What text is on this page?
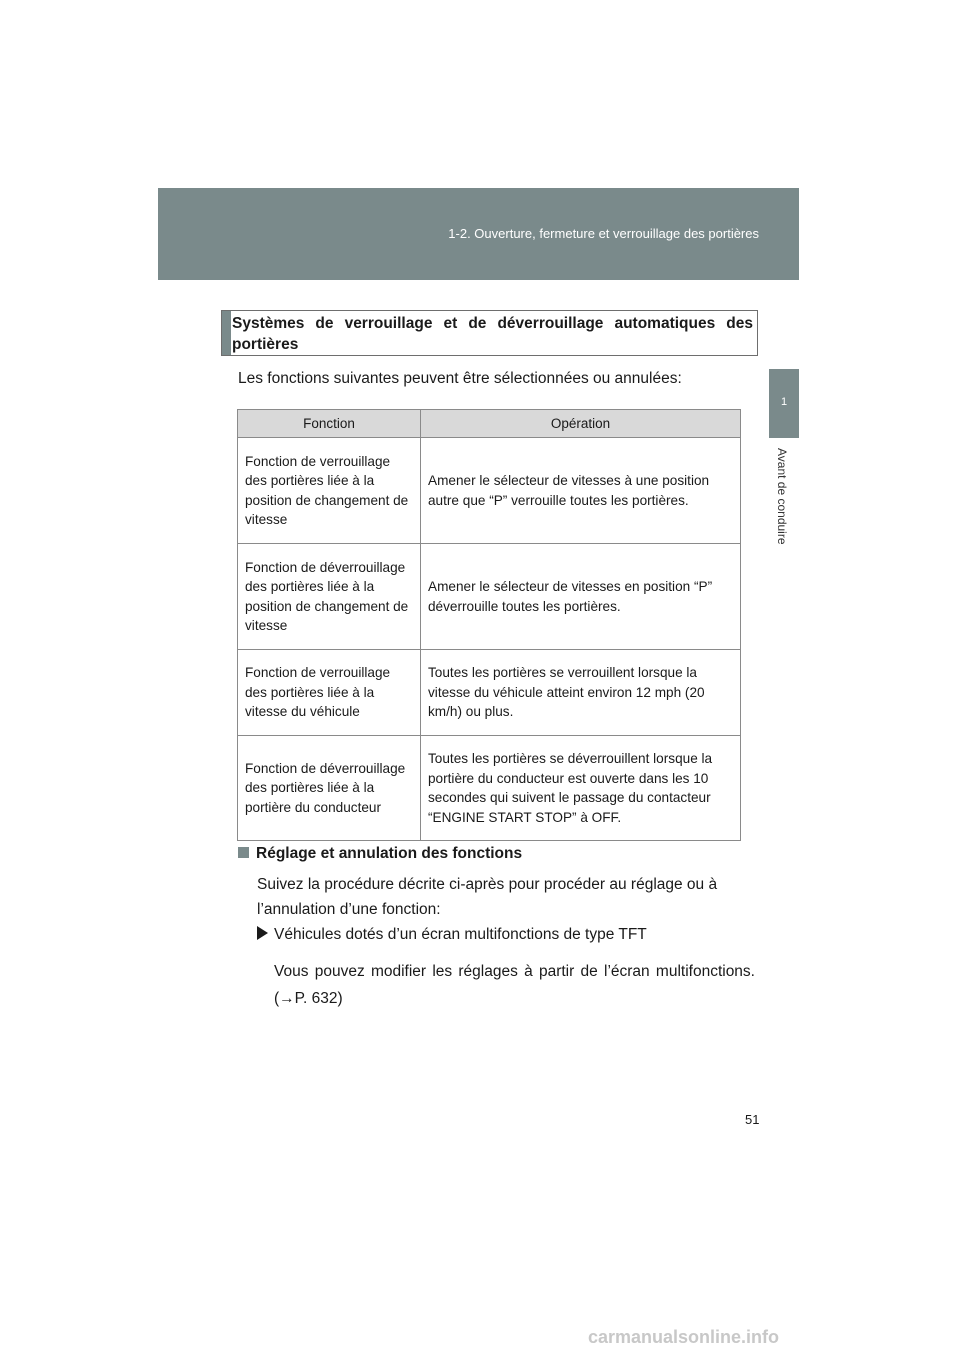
1-2. Ouverture, fermeture et verrouillage des portières
1
Avant de conduire
Systèmes de verrouillage et de déverrouillage automatiques des portières
Les fonctions suivantes peuvent être sélectionnées ou annulées:
Fonction	Opération
Fonction de verrouillage des portières liée à la position de changement de vitesse	Amener le sélecteur de vitesses à une position autre que “P” verrouille toutes les portières.
Fonction de déverrouillage des portières liée à la position de changement de vitesse	Amener le sélecteur de vitesses en position “P” déverrouille toutes les portières.
Fonction de verrouillage des portières liée à la vitesse du véhicule	Toutes les portières se verrouillent lorsque la vitesse du véhicule atteint environ 12 mph (20 km/h) ou plus.
Fonction de déverrouillage des portières liée à la portière du conducteur	Toutes les portières se déverrouillent lorsque la portière du conducteur est ouverte dans les 10 secondes qui suivent le passage du contacteur “ENGINE START STOP” à OFF.
Réglage et annulation des fonctions
Suivez la procédure décrite ci-après pour procéder au réglage ou à l’annulation d’une fonction:
Véhicules dotés d’un écran multifonctions de type TFT
Vous pouvez modifier les réglages à partir de l’écran multifonctions. (→P. 632)
51
carmanualsonline.info
